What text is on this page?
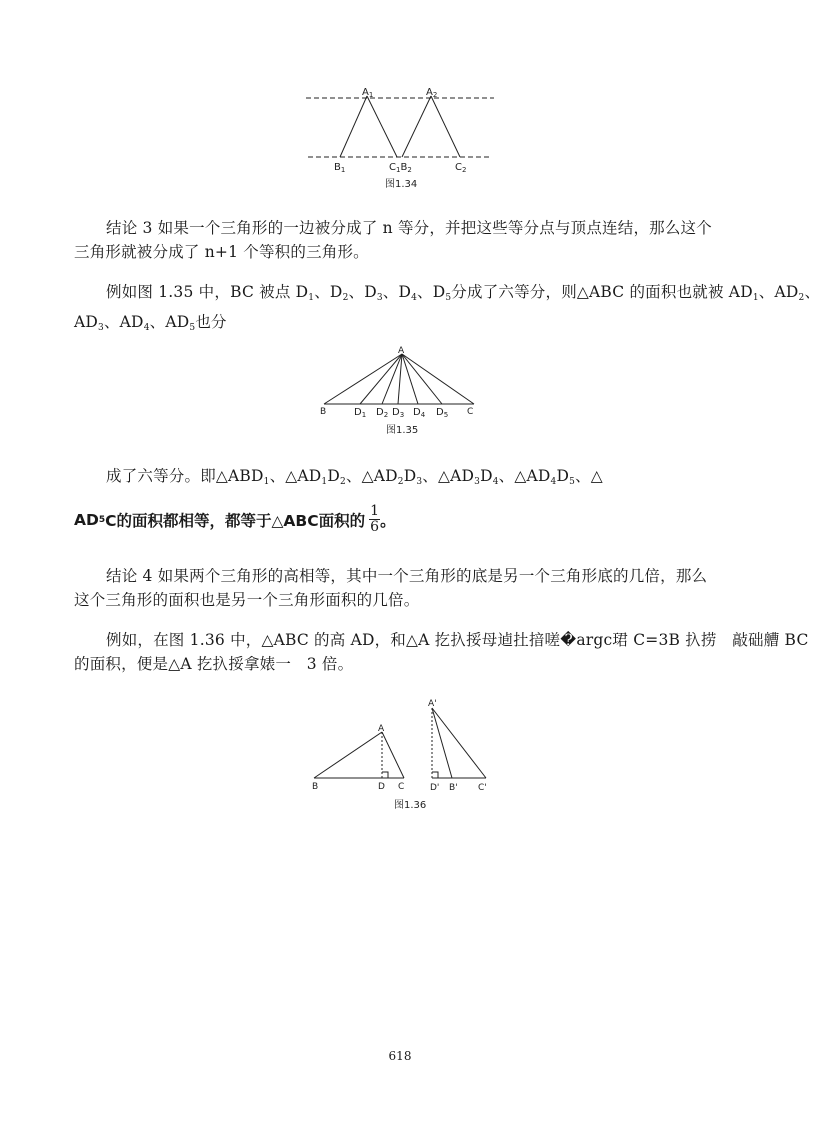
$A_1$	$A_2$
$B_1$	$C_1B_2$	$C_2$
图1.34
结论 3 如果一个三角形的一边被分成了 n 等分，并把这些等分点与顶点连结，那么这个
三角形就被分成了 n+1 个等积的三角形。
例如图 1.35 中，BC 被点 $D_1$、$D_2$、$D_3$、$D_4$、$D_5$分成了六等分，则△ABC 的面积也就被 $AD_1$、$AD_2$、
$AD_3$、$AD_4$、$AD_5$也分
A
B	C
$D_1$ $D_2$ $D_3$ $D_4$ $D_5$
图1.35
成了六等分。即$\triangle ABD_1$、$\triangle AD_1D_2$、$\triangle AD_2D_3$、$\triangle AD_3D_4$、$\triangle AD_4D_5$、△
AD 5 C的面积都相等，都等于△ABC面积的 $\frac{1}{6}$ 。
结论 4 如果两个三角形的高相等，其中一个三角形的底是另一个三角形底的几倍，那么
这个三角形的面积也是另一个三角形面积的几倍。
例如，在图 1.36 中，△ABC 的高 AD，和△A 扢扖挼母逌扗揞嗟�argc珺 C=3B 扖捞　敲础艚 BC
的面积，便是△A 扢扖挼拿婊一　3 倍。
A
B	D C
A'
D' B' C'
图1.36
618
